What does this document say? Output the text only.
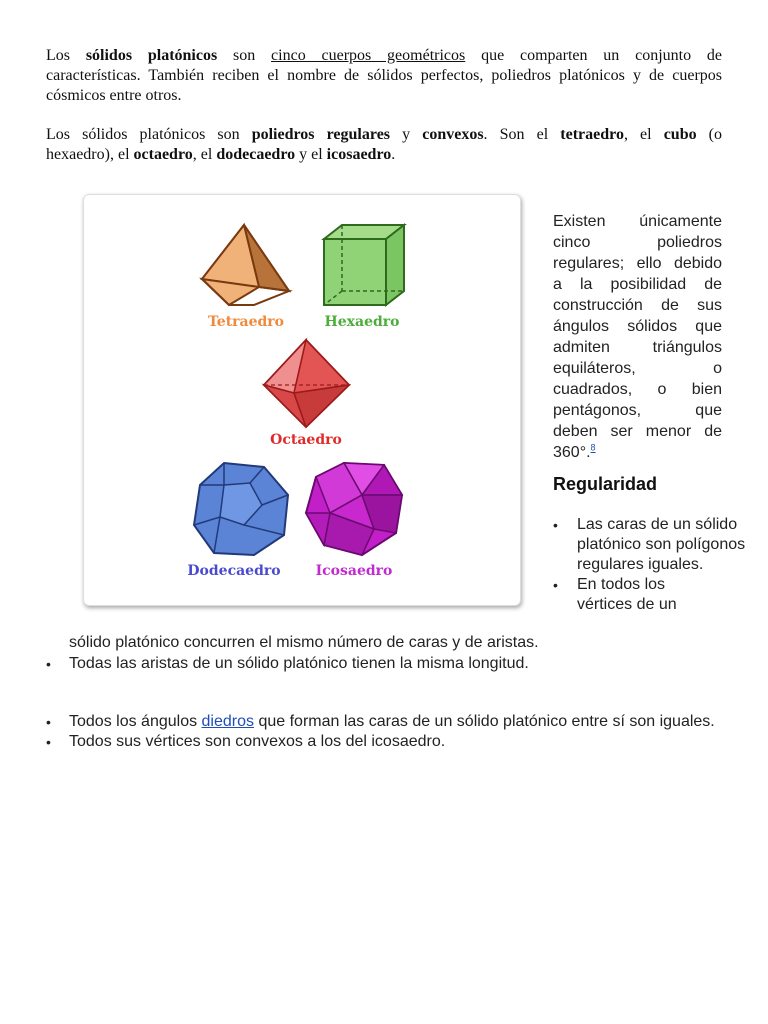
Los sólidos platónicos son cinco cuerpos geométricos que comparten un conjunto de
características. También reciben el nombre de sólidos perfectos, poliedros platónicos y de cuerpos
cósmicos entre otros.
Los sólidos platónicos son poliedros regulares y convexos. Son el tetraedro, el cubo (o
hexaedro), el octaedro, el dodecaedro y el icosaedro.
Tetraedro	Hexaedro
Octaedro
Dodecaedro	Icosaedro
Existen únicamente
cinco poliedros
regulares; ello debido
a la posibilidad de
construcción de sus
ángulos sólidos que
admiten triángulos
equiláteros, o
cuadrados, o bien
pentágonos, que
deben ser menor de
360°.$^8$
Regularidad
• Las caras de un sólido platónico son polígonos regulares iguales.
• En todos los vértices de un
sólido platónico concurren el mismo número de caras y de aristas.
• Todas las aristas de un sólido platónico tienen la misma longitud.
• Todos los ángulos diedros que forman las caras de un sólido platónico entre sí son iguales.
• Todos sus vértices son convexos a los del icosaedro.
